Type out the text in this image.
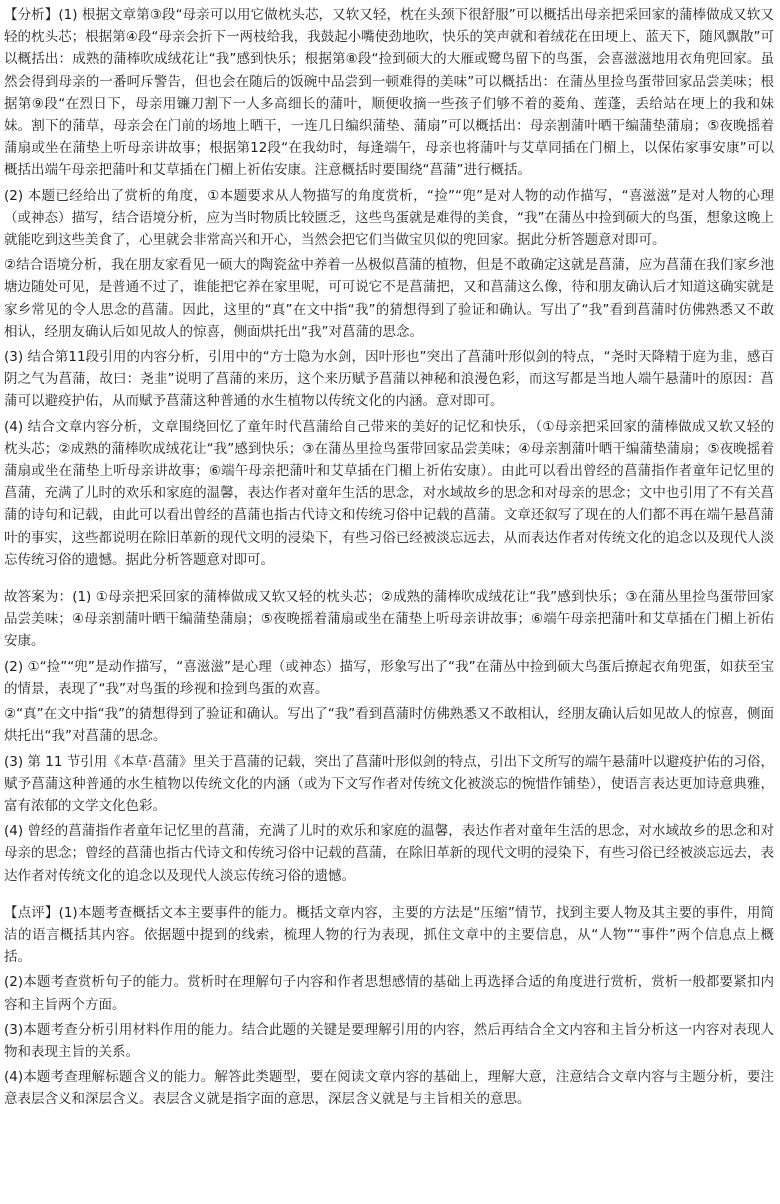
【分析】(1) 根据文章第③段“母亲可以用它做枕头芯，又软又轻，枕在头颈下很舒服”可以概括出母亲把采回家的蒲棒做成又软又轻的枕头芯；根据第④段“母亲会折下一两枝给我，我鼓起小嘴使劲地吹，快乐的笑声就和着绒花在田埂上、蓝天下，随风飘散”可以概括出：成熟的蒲棒吹成绒花让“我”感到快乐；根据第⑧段“捡到硕大的大雁或鹭鸟留下的鸟蛋，会喜滋滋地用衣角兜回家。虽然会得到母亲的一番呵斥警告，但也会在随后的饭碗中品尝到一顿难得的美味”可以概括出：在蒲丛里捡鸟蛋带回家品尝美味；根据第⑨段“在烈日下，母亲用镰刀割下一人多高细长的蒲叶，顺便收摘一些孩子们够不着的菱角、莲蓬，丢给站在埂上的我和妹妹。割下的蒲草，母亲会在门前的场地上晒干，一连几日编织蒲垫、蒲扇”可以概括出：母亲割蒲叶晒干编蒲垫蒲扇；⑤夜晚摇着蒲扇或坐在蒲垫上听母亲讲故事；根据第12段“在我幼时，每逢端午，母亲也将蒲叶与艾草同插在门楣上，以保佑家事安康”可以概括出端午母亲把蒲叶和艾草插在门楣上祈佑安康。注意概括时要围绕“菖蒲”进行概括。

(2) 本题已经给出了赏析的角度，①本题要求从人物描写的角度赏析，“捡”“兜”是对人物的动作描写，“喜滋滋”是对人物的心理（或神态）描写，结合语境分析，应为当时物质比较匮乏，这些鸟蛋就是难得的美食，“我”在蒲丛中捡到硕大的鸟蛋，想象这晚上就能吃到这些美食了，心里就会非常高兴和开心，当然会把它们当做宝贝似的兜回家。据此分析答题意对即可。

②结合语境分析，我在朋友家看见一硕大的陶瓷盆中养着一丛极似菖蒲的植物，但是不敢确定这就是菖蒲，应为菖蒲在我们家乡池塘边随处可见，是普通不过了，谁能把它养在家里呢，可可说它不是菖蒲把，又和菖蒲这么像，待和朋友确认后才知道这确实就是家乡常见的令人思念的菖蒲。因此，这里的“真”在文中指“我”的猜想得到了验证和确认。写出了“我”看到菖蒲时仿佛熟悉又不敢相认，经朋友确认后如见故人的惊喜，侧面烘托出“我”对菖蒲的思念。

(3) 结合第11段引用的内容分析，引用中的“方士隐为水剑，因叶形也”突出了菖蒲叶形似剑的特点，“尧时天降精于庭为韭，感百阴之气为菖蒲，故曰：尧韭”说明了菖蒲的来历，这个来历赋予菖蒲以神秘和浪漫色彩，而这写都是当地人端午悬蒲叶的原因：菖蒲可以避疫护佑，从而赋予菖蒲这种普通的水生植物以传统文化的内涵。意对即可。

(4) 结合文章内容分析，文章围绕回忆了童年时代菖蒲给自己带来的美好的记忆和快乐，（①母亲把采回家的蒲棒做成又软又轻的枕头芯；②成熟的蒲棒吹成绒花让“我”感到快乐；③在蒲丛里捡鸟蛋带回家品尝美味；④母亲割蒲叶晒干编蒲垫蒲扇；⑤夜晚摇着蒲扇或坐在蒲垫上听母亲讲故事；⑥端午母亲把蒲叶和艾草插在门楣上祈佑安康）。由此可以看出曾经的菖蒲指作者童年记忆里的菖蒲，充满了儿时的欢乐和家庭的温馨，表达作者对童年生活的思念，对水域故乡的思念和对母亲的思念；文中也引用了不有关菖蒲的诗句和记载，由此可以看出曾经的菖蒲也指古代诗文和传统习俗中记载的菖蒲。文章还叙写了现在的人们都不再在端午悬菖蒲叶的事实，这些都说明在除旧革新的现代文明的浸染下，有些习俗已经被淡忘远去，从而表达作者对传统文化的追念以及现代人淡忘传统习俗的遗憾。据此分析答题意对即可。

故答案为：(1) ①母亲把采回家的蒲棒做成又软又轻的枕头芯；②成熟的蒲棒吹成绒花让“我”感到快乐；③在蒲丛里捡鸟蛋带回家品尝美味；④母亲割蒲叶晒干编蒲垫蒲扇；⑤夜晚摇着蒲扇或坐在蒲垫上听母亲讲故事；⑥端午母亲把蒲叶和艾草插在门楣上祈佑安康。

(2) ①“捡”“兜”是动作描写，“喜滋滋”是心理（或神态）描写，形象写出了“我”在蒲丛中捡到硕大鸟蛋后撩起衣角兜蛋，如获至宝的情景，表现了“我”对鸟蛋的珍视和捡到鸟蛋的欢喜。

②“真”在文中指“我”的猜想得到了验证和确认。写出了“我”看到菖蒲时仿佛熟悉又不敢相认，经朋友确认后如见故人的惊喜，侧面烘托出“我”对菖蒲的思念。

(3) 第 11 节引用《本草·菖蒲》里关于菖蒲的记载，突出了菖蒲叶形似剑的特点，引出下文所写的端午悬蒲叶以避疫护佑的习俗，赋予菖蒲这种普通的水生植物以传统文化的内涵（或为下文写作者对传统文化被淡忘的惋惜作铺垫），使语言表达更加诗意典雅，富有浓郁的文学文化色彩。

(4) 曾经的菖蒲指作者童年记忆里的菖蒲，充满了儿时的欢乐和家庭的温馨，表达作者对童年生活的思念，对水域故乡的思念和对母亲的思念；曾经的菖蒲也指古代诗文和传统习俗中记载的菖蒲，在除旧革新的现代文明的浸染下，有些习俗已经被淡忘远去，表达作者对传统文化的追念以及现代人淡忘传统习俗的遗憾。

【点评】(1)本题考查概括文本主要事件的能力。概括文章内容，主要的方法是“压缩”情节，找到主要人物及其主要的事件，用简洁的语言概括其内容。依据题中提到的线索，梳理人物的行为表现，抓住文章中的主要信息，从“人物”“事件”两个信息点上概括。

(2)本题考查赏析句子的能力。赏析时在理解句子内容和作者思想感情的基础上再选择合适的角度进行赏析，赏析一般都要紧扣内容和主旨两个方面。

(3)本题考查分析引用材料作用的能力。结合此题的关键是要理解引用的内容，然后再结合全文内容和主旨分析这一内容对表现人物和表现主旨的关系。

(4)本题考查理解标题含义的能力。解答此类题型，要在阅读文章内容的基础上，理解大意，注意结合文章内容与主题分析，要注意表层含义和深层含义。表层含义就是指字面的意思，深层含义就是与主旨相关的意思。
